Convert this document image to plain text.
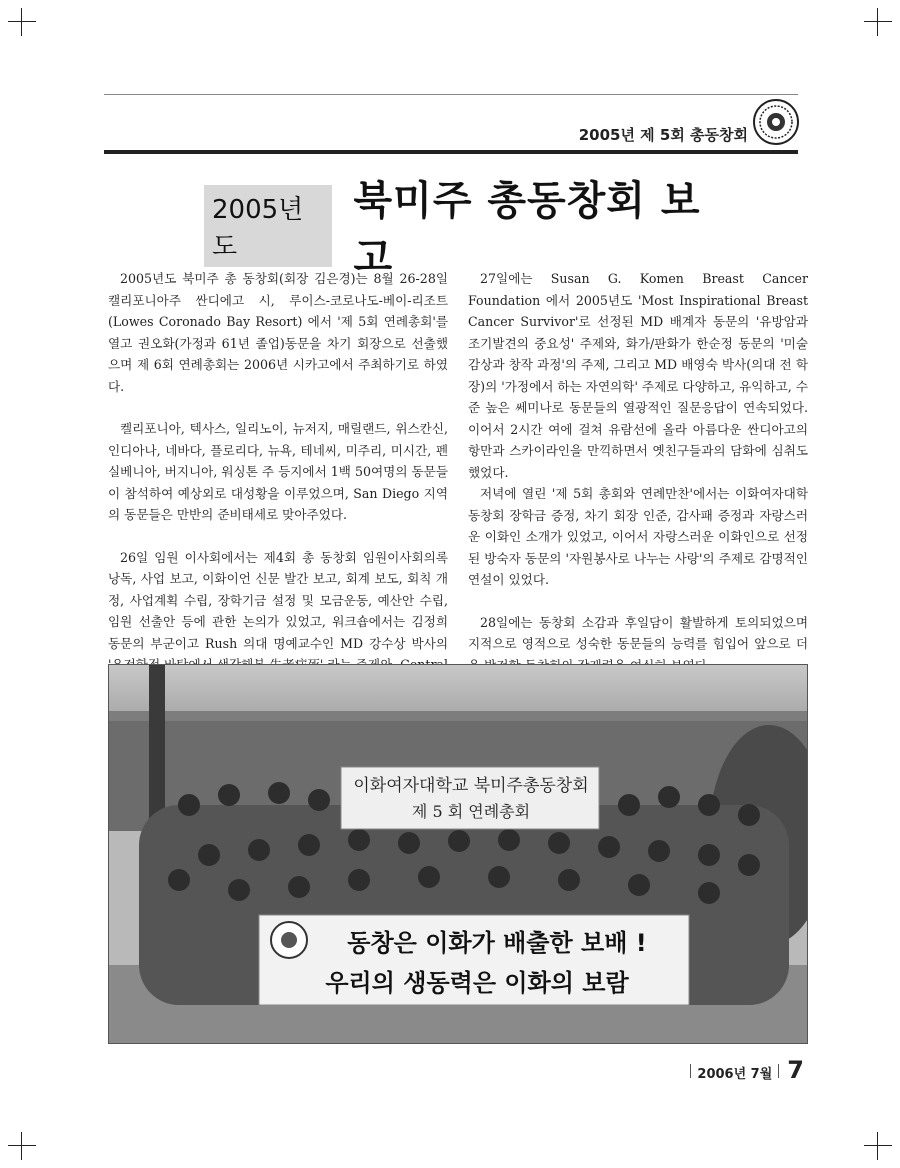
2005년 제 5회 총동창회
2005년도
북미주 총동창회 보고

2005년도 북미주 총 동창회(회장 김은경)는 8월 26-28일 캘리포니아주 싼디에고 시, 루이스-코로나도-베이-리조트 (Lowes Coronado Bay Resort) 에서 '제 5회 연례총회'를 열고 권오화(가정과 61년 졸업)동문을 차기 회장으로 선출했으며 제 6회 연례총회는 2006년 시카고에서 주최하기로 하였다.

켈리포니아, 텍사스, 일리노이, 뉴저지, 매릴랜드, 위스칸신, 인디아나, 네바다, 플로리다, 뉴욕, 테네씨, 미주리, 미시간, 펜실베니아, 버지니아, 워싱톤 주 등지에서 1백 50여명의 동문들이 참석하여 예상외로 대성황을 이루었으며, San Diego 지역의 동문들은 만반의 준비태세로 맞아주었다.

26일 임원 이사회에서는 제4회 총 동창회 임원이사회의록 낭독, 사업 보고, 이화이언 신문 발간 보고, 회계 보도, 회칙 개정, 사업계획 수립, 장학기금 설정 및 모금운동, 예산안 수립, 임원 선출안 등에 관한 논의가 있었고, 워크숍에서는 김정희 동문의 부군이고 Rush 의대 명예교수인 MD 강수상 박사의

27일에는 Susan G. Komen Breast Cancer Foundation 에서 2005년도 'Most Inspirational Breast Cancer Survivor'로 선정된 MD 배계자 동문의 '유방암과 조기발견의 중요성' 주제와, 화가/판화가 한순정 동문의 '미술감상과 창작 과정'의 주제, 그리고 MD 배영숙 박사(의대 전 학장)의 '가정에서 하는 자연의학' 주제로 다양하고, 유익하고, 수준 높은 쎄미나로 동문들의 열광적인 질문응답이 연속되었다. 이어서 2시간 여에 걸쳐 유람선에 올라 아름다운 싼디아고의 항만과 스카이라인을 만끽하면서 옛친구들과의 담화에 심취도 했었다.

저녁에 열린 '제 5회 총회와 연례만찬'에서는 이화여자대학 동창회 장학금 증정, 차기 회장 인준, 감사패 증정과 자랑스러운 이화인 소개가 있었고, 이어서 자랑스러운 이화인으로 선정된 방숙자 동문의 '자원봉사로 나누는 사랑'의 주제로 감명적인 연설이 있었다.

28일에는 동창회 소감과 후일담이 활발하게 토의되었으며 지적으로 영적으로 성숙한 동문들의 능력를 힘입어 앞으로 더

이화여자대학교 북미주총동창회
제 5 회 연례총회
동창은 이화가 배출한 보배 !
우리의 생동력은 이화의 보람
2006년 7월 7
